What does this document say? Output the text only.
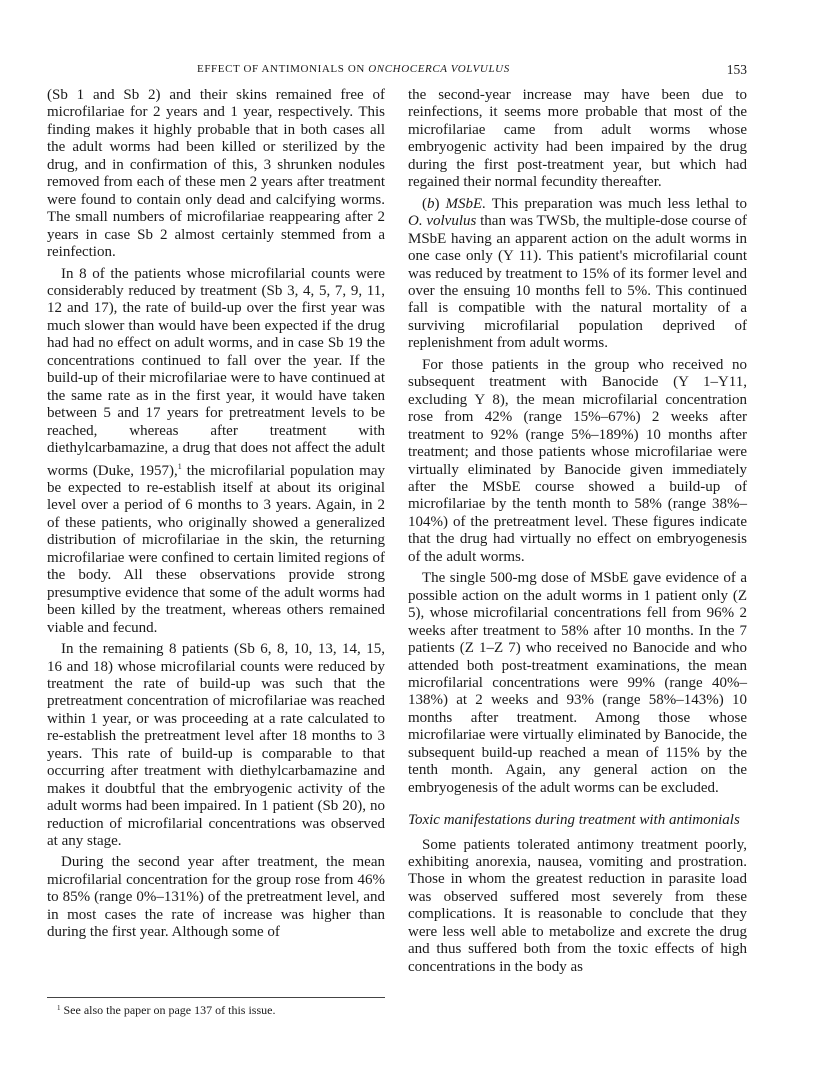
EFFECT OF ANTIMONIALS ON ONCHOCERCA VOLVULUS	153

(Sb 1 and Sb 2) and their skins remained free of microfilariae for 2 years and 1 year, respectively. This finding makes it highly probable that in both cases all the adult worms had been killed or sterilized by the drug, and in confirmation of this, 3 shrunken nodules removed from each of these men 2 years after treatment were found to contain only dead and calcifying worms. The small numbers of microfilariae reappearing after 2 years in case Sb 2 almost certainly stemmed from a reinfection.

In 8 of the patients whose microfilarial counts were considerably reduced by treatment (Sb 3, 4, 5, 7, 9, 11, 12 and 17), the rate of build-up over the first year was much slower than would have been expected if the drug had had no effect on adult worms, and in case Sb 19 the concentrations continued to fall over the year. If the build-up of their microfilariae were to have continued at the same rate as in the first year, it would have taken between 5 and 17 years for pretreatment levels to be reached, whereas after treatment with diethylcarbamazine, a drug that does not affect the adult worms (Duke, 1957),$^1$ the microfilarial population may be expected to re-establish itself at about its original level over a period of 6 months to 3 years. Again, in 2 of these patients, who originally showed a generalized distribution of microfilariae in the skin, the returning microfilariae were confined to certain limited regions of the body. All these observations provide strong presumptive evidence that some of the adult worms had been killed by the treatment, whereas others remained viable and fecund.

In the remaining 8 patients (Sb 6, 8, 10, 13, 14, 15, 16 and 18) whose microfilarial counts were reduced by treatment the rate of build-up was such that the pretreatment concentration of microfilariae was reached within 1 year, or was proceeding at a rate calculated to re-establish the pretreatment level after 18 months to 3 years. This rate of build-up is comparable to that occurring after treatment with diethylcarbamazine and makes it doubtful that the embryogenic activity of the adult worms had been impaired. In 1 patient (Sb 20), no reduction of microfilarial concentrations was observed at any stage.

During the second year after treatment, the mean microfilarial concentration for the group rose from 46% to 85% (range 0%–131%) of the pretreatment level, and in most cases the rate of increase was higher than during the first year. Although some of

the second-year increase may have been due to reinfections, it seems more probable that most of the microfilariae came from adult worms whose embryogenic activity had been impaired by the drug during the first post-treatment year, but which had regained their normal fecundity thereafter.

(b) MSbE. This preparation was much less lethal to O. volvulus than was TWSb, the multiple-dose course of MSbE having an apparent action on the adult worms in one case only (Y 11). This patient's microfilarial count was reduced by treatment to 15% of its former level and over the ensuing 10 months fell to 5%. This continued fall is compatible with the natural mortality of a surviving microfilarial population deprived of replenishment from adult worms.

For those patients in the group who received no subsequent treatment with Banocide (Y 1–Y11, excluding Y 8), the mean microfilarial concentration rose from 42% (range 15%–67%) 2 weeks after treatment to 92% (range 5%–189%) 10 months after treatment; and those patients whose microfilariae were virtually eliminated by Banocide given immediately after the MSbE course showed a build-up of microfilariae by the tenth month to 58% (range 38%–104%) of the pretreatment level. These figures indicate that the drug had virtually no effect on embryogenesis of the adult worms.

The single 500-mg dose of MSbE gave evidence of a possible action on the adult worms in 1 patient only (Z 5), whose microfilarial concentrations fell from 96% 2 weeks after treatment to 58% after 10 months. In the 7 patients (Z 1–Z 7) who received no Banocide and who attended both post-treatment examinations, the mean microfilarial concentrations were 99% (range 40%–138%) at 2 weeks and 93% (range 58%–143%) 10 months after treatment. Among those whose microfilariae were virtually eliminated by Banocide, the subsequent build-up reached a mean of 115% by the tenth month. Again, any general action on the embryogenesis of the adult worms can be excluded.

Toxic manifestations during treatment with antimonials

Some patients tolerated antimony treatment poorly, exhibiting anorexia, nausea, vomiting and prostration. Those in whom the greatest reduction in parasite load was observed suffered most severely from these complications. It is reasonable to conclude that they were less well able to metabolize and excrete the drug and thus suffered both from the toxic effects of high concentrations in the body as

$^1$ See also the paper on page 137 of this issue.
